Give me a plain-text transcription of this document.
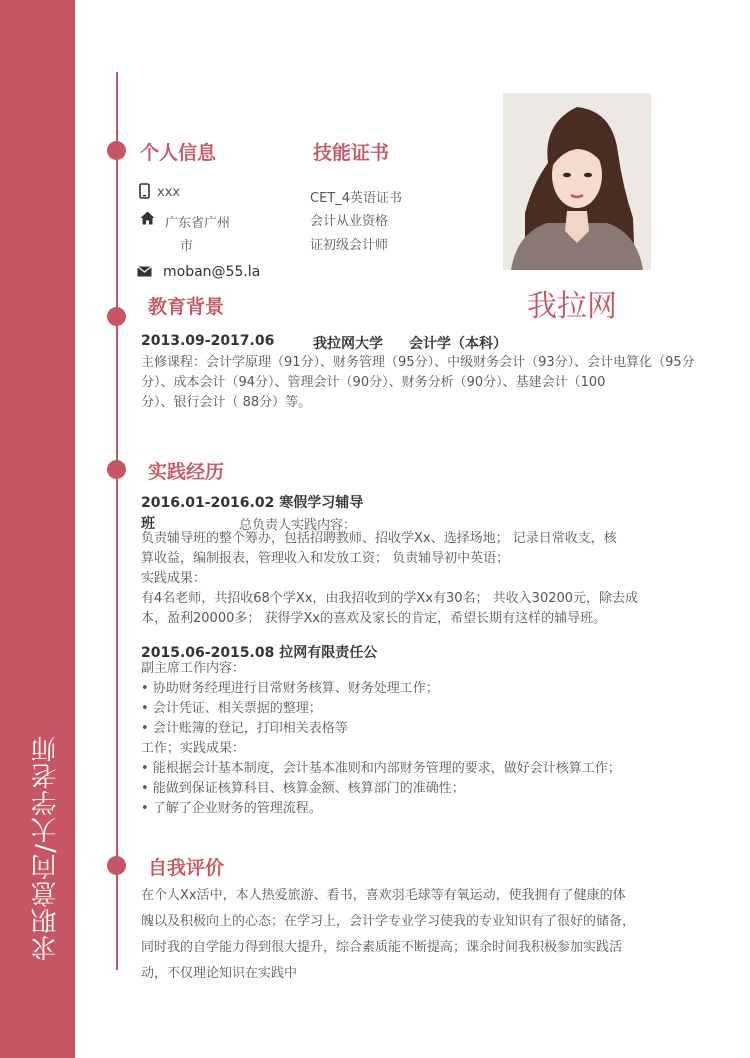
求职意向/大学老师
个人信息
xxx
广东省广州
市
moban@55.la
技能证书
CET_4英语证书
会计从业资格
证初级会计师
我拉网
教育背景
2013.09-2017.06	我拉网大学 会计学（本科）
主修课程：会计学原理（91分）、财务管理（95分）、中级财务会计（93分）、会计电算化（95分
分）、成本会计（94分）、管理会计（90分）、财务分析（90分）、基建会计（100
分）、银行会计（ 88分）等。
实践经历
2016.01-2016.02 寒假学习辅导
班	总负责人实践内容：
负责辅导班的整个筹办，包括招聘教师、招收学Xx、选择场地； 记录日常收支，核
算收益，编制报表，管理收入和发放工资； 负责辅导初中英语；
实践成果：
有4名老师，共招收68个学Xx，由我招收到的学Xx有30名； 共收入30200元，除去成
本，盈利20000多； 获得学Xx的喜欢及家长的肯定，希望长期有这样的辅导班。
2015.06-2015.08 拉网有限责任公
副主席工作内容：
• 协助财务经理进行日常财务核算、财务处理工作；
• 会计凭证、相关票据的整理；
• 会计账簿的登记，打印相关表格等
工作；实践成果：
• 能根据会计基本制度，会计基本准则和内部财务管理的要求，做好会计核算工作；
• 能做到保证核算科目、核算金额、核算部门的准确性；
• 了解了企业财务的管理流程。
自我评价
在个人Xx活中，本人热爱旅游、看书，喜欢羽毛球等有氧运动，使我拥有了健康的体
魄以及积极向上的心态；在学习上，会计学专业学习使我的专业知识有了很好的储备，
同时我的自学能力得到很大提升，综合素质能不断提高；课余时间我积极参加实践活
动，不仅理论知识在实践中
